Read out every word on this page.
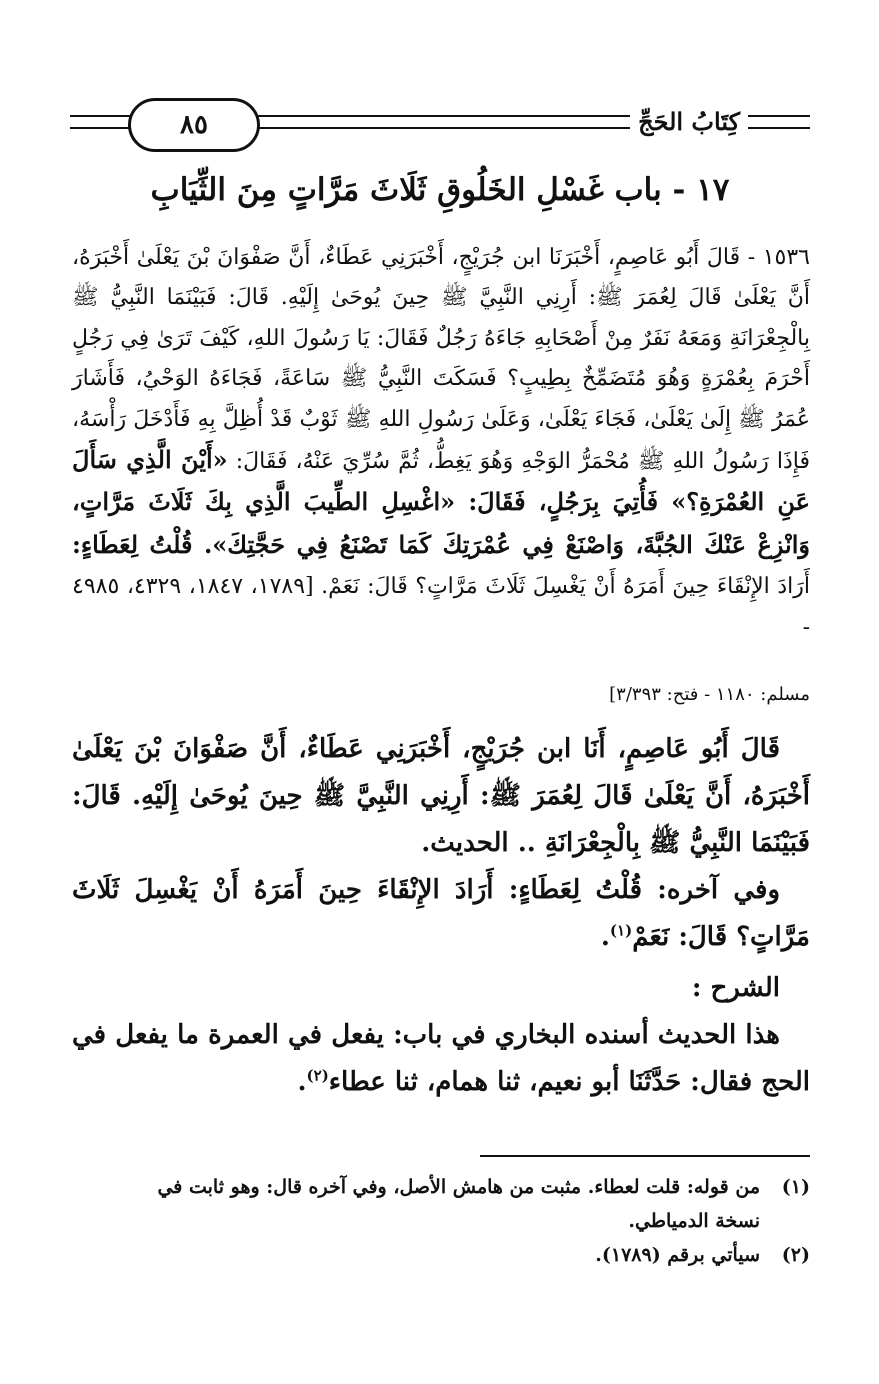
٨٥	كِتَابُ الحَجِّ
١٧ - باب غَسْلِ الخَلُوقِ ثَلَاثَ مَرَّاتٍ مِنَ الثِّيَابِ
١٥٣٦ - قَالَ أَبُو عَاصِمٍ، أَخْبَرَنَا ابن جُرَيْجٍ، أَخْبَرَنِي عَطَاءٌ، أَنَّ صَفْوَانَ بْنَ يَعْلَىٰ أَخْبَرَهُ، أَنَّ يَعْلَىٰ قَالَ لِعُمَرَ ﷺ: أَرِنِي النَّبِيَّ ﷺ حِينَ يُوحَىٰ إِلَيْهِ. قَالَ: فَبَيْنَمَا النَّبِيُّ ﷺ بِالْجِعْرَانَةِ وَمَعَهُ نَفَرٌ مِنْ أَصْحَابِهِ جَاءَهُ رَجُلٌ فَقَالَ: يَا رَسُولَ اللهِ، كَيْفَ تَرَىٰ فِي رَجُلٍ أَحْرَمَ بِعُمْرَةٍ وَهُوَ مُتَضَمِّخٌ بِطِيبٍ؟ فَسَكَتَ النَّبِيُّ ﷺ سَاعَةً، فَجَاءَهُ الوَحْيُ، فَأَشَارَ عُمَرُ ﷺ إِلَىٰ يَعْلَىٰ، فَجَاءَ يَعْلَىٰ، وَعَلَىٰ رَسُولِ اللهِ ﷺ ثَوْبٌ قَدْ أُظِلَّ بِهِ فَأَدْخَلَ رَأْسَهُ، فَإِذَا رَسُولُ اللهِ ﷺ مُحْمَرُّ الوَجْهِ وَهُوَ يَغِطُّ، ثُمَّ سُرِّيَ عَنْهُ، فَقَالَ: «أَيْنَ الَّذِي سَأَلَ عَنِ العُمْرَةِ؟» فَأُتِيَ بِرَجُلٍ، فَقَالَ: «اغْسِلِ الطِّيبَ الَّذِي بِكَ ثَلَاثَ مَرَّاتٍ، وَانْزِعْ عَنْكَ الجُبَّةَ، وَاصْنَعْ فِي عُمْرَتِكَ كَمَا تَصْنَعُ فِي حَجَّتِكَ». قُلْتُ لِعَطَاءٍ: أَرَادَ الإِنْقَاءَ حِينَ أَمَرَهُ أَنْ يَغْسِلَ ثَلَاثَ مَرَّاتٍ؟ قَالَ: نَعَمْ. [١٧٨٩، ١٨٤٧، ٤٣٢٩، ٤٩٨٥ -
مسلم: ١١٨٠ - فتح: ٣/٣٩٣]

قَالَ أَبُو عَاصِمٍ، أَنَا ابن جُرَيْجٍ، أَخْبَرَنِي عَطَاءٌ، أَنَّ صَفْوَانَ بْنَ يَعْلَىٰ أَخْبَرَهُ، أَنَّ يَعْلَىٰ قَالَ لِعُمَرَ ﷺ: أَرِنِي النَّبِيَّ ﷺ حِينَ يُوحَىٰ إِلَيْهِ. قَالَ: فَبَيْنَمَا النَّبِيُّ ﷺ بِالْجِعْرَانَةِ .. الحديث.

وفي آخره: قُلْتُ لِعَطَاءٍ: أَرَادَ الإِنْقَاءَ حِينَ أَمَرَهُ أَنْ يَغْسِلَ ثَلَاثَ مَرَّاتٍ؟ قَالَ: نَعَمْ$^{(١)}$.

الشرح :

هذا الحديث أسنده البخاري في باب: يفعل في العمرة ما يفعل في الحج فقال: حَدَّثَنَا أبو نعيم، ثنا همام، ثنا عطاء$^{(٢)}$.

(١)من قوله: قلت لعطاء. مثبت من هامش الأصل، وفي آخره قال: وهو ثابت في

نسخة الدمياطي.

(٢)سيأتي برقم (١٧٨٩).
